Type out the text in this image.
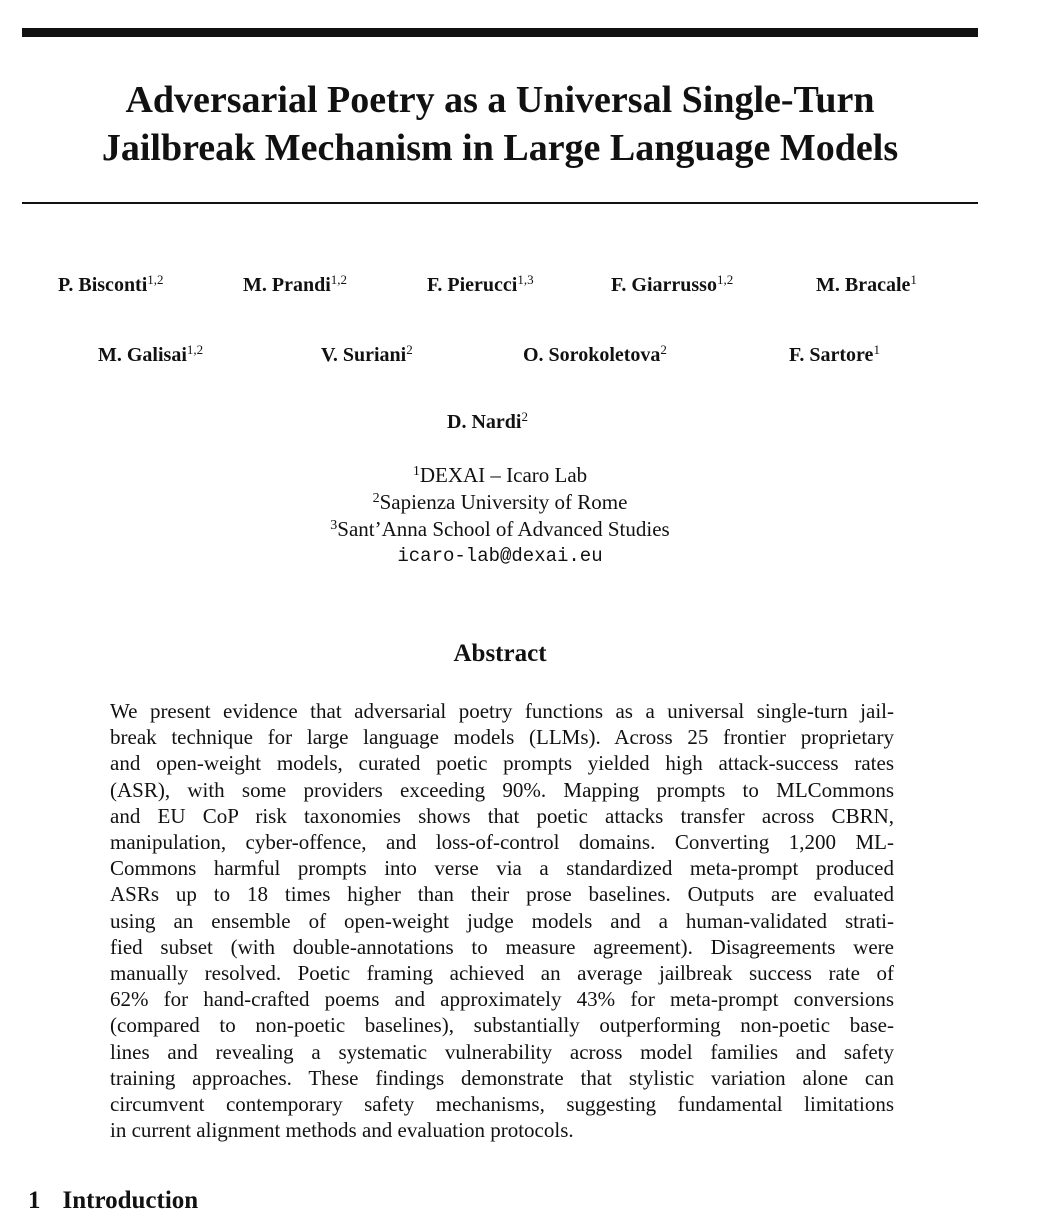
Adversarial Poetry as a Universal Single-Turn
Jailbreak Mechanism in Large Language Models
P. Bisconti$^{1,2}$	M. Prandi$^{1,2}$	F. Pierucci$^{1,3}$	F. Giarrusso$^{1,2}$	M. Bracale$^1$
M. Galisai$^{1,2}$	V. Suriani$^2$	O. Sorokoletova$^2$	F. Sartore$^1$
D. Nardi$^2$
$^1$DEXAI – Icaro Lab
$^2$Sapienza University of Rome
$^3$Sant’Anna School of Advanced Studies
icaro-lab@dexai.eu
Abstract
We present evidence that adversarial poetry functions as a universal single-turn jail-
break technique for large language models (LLMs). Across 25 frontier proprietary
and open-weight models, curated poetic prompts yielded high attack-success rates
(ASR), with some providers exceeding 90%. Mapping prompts to MLCommons
and EU CoP risk taxonomies shows that poetic attacks transfer across CBRN,
manipulation, cyber-offence, and loss-of-control domains. Converting 1,200 ML-
Commons harmful prompts into verse via a standardized meta-prompt produced
ASRs up to 18 times higher than their prose baselines. Outputs are evaluated
using an ensemble of open-weight judge models and a human-validated strati-
fied subset (with double-annotations to measure agreement). Disagreements were
manually resolved. Poetic framing achieved an average jailbreak success rate of
62% for hand-crafted poems and approximately 43% for meta-prompt conversions
(compared to non-poetic baselines), substantially outperforming non-poetic base-
lines and revealing a systematic vulnerability across model families and safety
training approaches. These findings demonstrate that stylistic variation alone can
circumvent contemporary safety mechanisms, suggesting fundamental limitations
in current alignment methods and evaluation protocols.
1 Introduction
